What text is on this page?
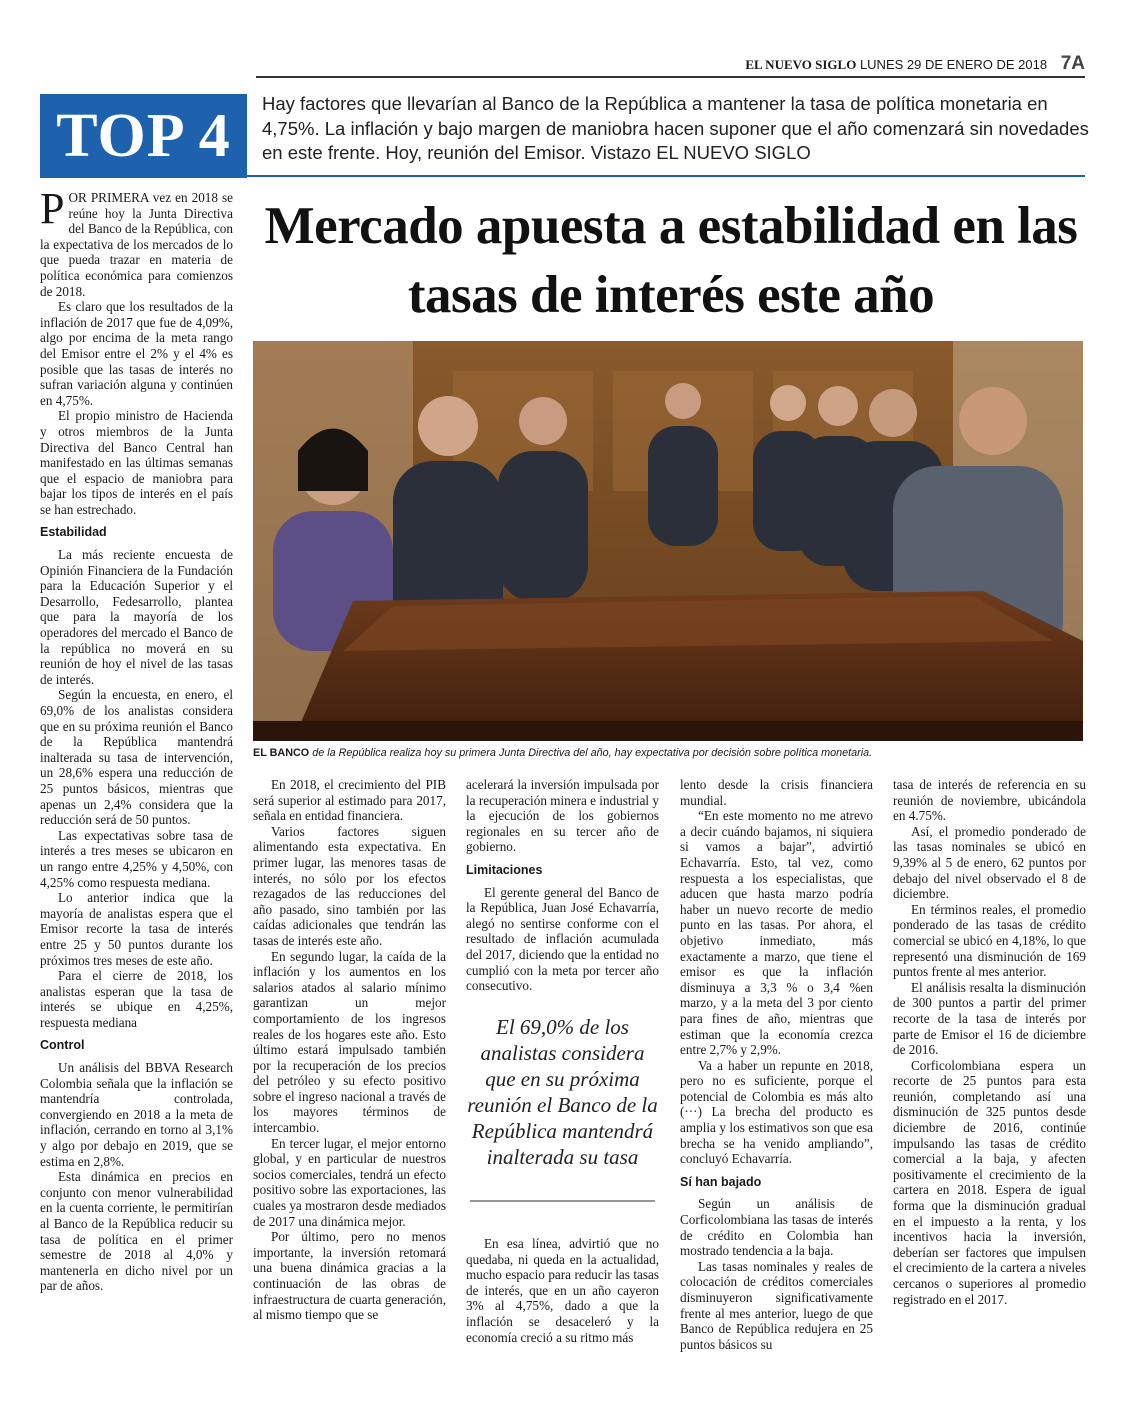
EL NUEVO SIGLO LUNES 29 DE ENERO DE 2018 7A
TOP 4	Hay factores que llevarían al Banco de la República a mantener la tasa de política monetaria en 4,75%. La inflación y bajo margen de maniobra hacen suponer que el año comenzará sin novedades en este frente. Hoy, reunión del Emisor. Vistazo EL NUEVO SIGLO
Mercado apuesta a estabilidad en las tasas de interés este año
EL BANCO de la República realiza hoy su primera Junta Directiva del año, hay expectativa por decisión sobre política monetaria.

POR PRIMERA vez en 2018 se reúne hoy la Junta Directiva del Banco de la República, con la expectativa de los mercados de lo que pueda trazar en materia de política económica para comienzos de 2018.

Es claro que los resultados de la inflación de 2017 que fue de 4,09%, algo por encima de la meta rango del Emisor entre el 2% y el 4% es posible que las tasas de interés no sufran variación alguna y continúen en 4,75%.

El propio ministro de Hacienda y otros miembros de la Junta Directiva del Banco Central han manifestado en las últimas semanas que el espacio de maniobra para bajar los tipos de interés en el país se han estrechado.

Estabilidad

La más reciente encuesta de Opinión Financiera de la Fundación para la Educación Superior y el Desarrollo, Fedesarrollo, plantea que para la mayoría de los operadores del mercado el Banco de la república no moverá en su reunión de hoy el nivel de las tasas de interés.

Según la encuesta, en enero, el 69,0% de los analistas considera que en su próxima reunión el Banco de la República mantendrá inalterada su tasa de intervención, un 28,6% espera una reducción de 25 puntos básicos, mientras que apenas un 2,4% considera que la reducción será de 50 puntos.

Las expectativas sobre tasa de interés a tres meses se ubicaron en un rango entre 4,25% y 4,50%, con 4,25% como respuesta mediana.

Lo anterior indica que la mayoría de analistas espera que el Emisor recorte la tasa de interés entre 25 y 50 puntos durante los próximos tres meses de este año.

Para el cierre de 2018, los analistas esperan que la tasa de interés se ubique en 4,25%, respuesta mediana

Control

Un análisis del BBVA Research Colombia señala que la inflación se mantendría controlada, convergiendo en 2018 a la meta de inflación, cerrando en torno al 3,1% y algo por debajo en 2019, que se estima en 2,8%.

Esta dinámica en precios en conjunto con menor vulnerabilidad en la cuenta corriente, le permitirían al Banco de la República reducir su tasa de política en el primer semestre de 2018 al 4,0% y mantenerla en dicho nivel por un par de años.

En 2018, el crecimiento del PIB será superior al estimado para 2017, señala en entidad financiera.

Varios factores siguen alimentando esta expectativa. En primer lugar, las menores tasas de interés, no sólo por los efectos rezagados de las reducciones del año pasado, sino también por las caídas adicionales que tendrán las tasas de interés este año.

En segundo lugar, la caída de la inflación y los aumentos en los salarios atados al salario mínimo garantizan un mejor comportamiento de los ingresos reales de los hogares este año. Esto último estará impulsado también por la recuperación de los precios del petróleo y su efecto positivo sobre el ingreso nacional a través de los mayores términos de intercambio.

En tercer lugar, el mejor entorno global, y en particular de nuestros socios comerciales, tendrá un efecto positivo sobre las exportaciones, las cuales ya mostraron desde mediados de 2017 una dinámica mejor.

Por último, pero no menos importante, la inversión retomará una buena dinámica gracias a la continuación de las obras de infraestructura de cuarta generación, al mismo tiempo que se

acelerará la inversión impulsada por la recuperación minera e industrial y la ejecución de los gobiernos regionales en su tercer año de gobierno.

Limitaciones

El gerente general del Banco de la República, Juan José Echavarría, alegó no sentirse conforme con el resultado de inflación acumulada del 2017, diciendo que la entidad no cumplió con la meta por tercer año consecutivo.

El 69,0% de los analistas considera que en su próxima reunión el Banco de la República mantendrá inalterada su tasa

En esa línea, advirtió que no quedaba, ni queda en la actualidad, mucho espacio para reducir las tasas de interés, que en un año cayeron 3% al 4,75%, dado a que la inflación se desaceleró y la economía creció a su ritmo más

lento desde la crisis financiera mundial.

“En este momento no me atrevo a decir cuándo bajamos, ni siquiera si vamos a bajar”, advirtió Echavarría. Esto, tal vez, como respuesta a los especialistas, que aducen que hasta marzo podría haber un nuevo recorte de medio punto en las tasas. Por ahora, el objetivo inmediato, más exactamente a marzo, que tiene el emisor es que la inflación disminuya a 3,3 % o 3,4 %en marzo, y a la meta del 3 por ciento para fines de año, mientras que estiman que la economía crezca entre 2,7% y 2,9%.

Va a haber un repunte en 2018, pero no es suficiente, porque el potencial de Colombia es más alto (···) La brecha del producto es amplia y los estimativos son que esa brecha se ha venido ampliando”, concluyó Echavarría.

Sí han bajado

Según un análisis de Corficolombiana las tasas de interés de crédito en Colombia han mostrado tendencia a la baja.

Las tasas nominales y reales de colocación de créditos comerciales disminuyeron significativamente frente al mes anterior, luego de que Banco de República redujera en 25 puntos básicos su

tasa de interés de referencia en su reunión de noviembre, ubicándola en 4.75%.

Así, el promedio ponderado de las tasas nominales se ubicó en 9,39% al 5 de enero, 62 puntos por debajo del nivel observado el 8 de diciembre.

En términos reales, el promedio ponderado de las tasas de crédito comercial se ubicó en 4,18%, lo que representó una disminución de 169 puntos frente al mes anterior.

El análisis resalta la disminución de 300 puntos a partir del primer recorte de la tasa de interés por parte de Emisor el 16 de diciembre de 2016.

Corficolombiana espera un recorte de 25 puntos para esta reunión, completando así una disminución de 325 puntos desde diciembre de 2016, continúe impulsando las tasas de crédito comercial a la baja, y afecten positivamente el crecimiento de la cartera en 2018. Espera de igual forma que la disminución gradual en el impuesto a la renta, y los incentivos hacia la inversión, deberían ser factores que impulsen el crecimiento de la cartera a niveles cercanos o superiores al promedio registrado en el 2017.
